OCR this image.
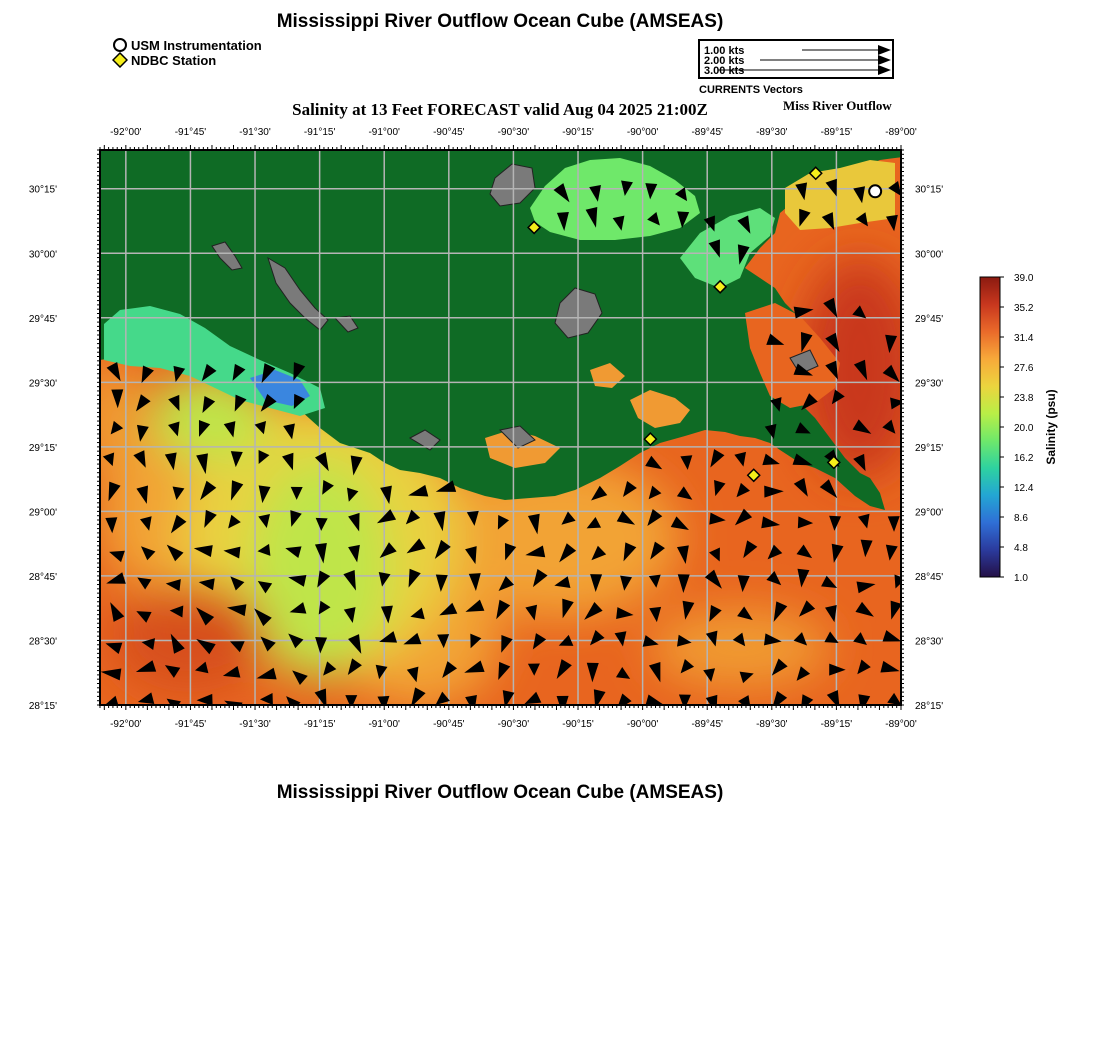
Mississippi River Outflow Ocean Cube (AMSEAS)
USM Instrumentation
NDBC Station
1.00 kts
2.00 kts
3.00 kts
CURRENTS Vectors
Salinity at 13 Feet FORECAST valid Aug 04 2025 21:00Z	Miss River Outflow
-92°00'
-92°00'
-91°45'
-91°45'
-91°30'
-91°30'
-91°15'
-91°15'
-91°00'
-91°00'
-90°45'
-90°45'
-90°30'
-90°30'
-90°15'
-90°15'
-90°00'
-90°00'
-89°45'
-89°45'
-89°30'
-89°30'
-89°15'
-89°15'
-89°00'
-89°00'
30°15'	30°15'
30°00'	30°00'
29°45'	29°45'
29°30'	29°30'
29°15'	29°15'
29°00'	29°00'
28°45'	28°45'
28°30'	28°30'
28°15'	28°15'
39.0
35.2
31.4
27.6
23.8
20.0
16.2
12.4
8.6
4.8
1.0
Salinity (psu)
Mississippi River Outflow Ocean Cube (AMSEAS)
